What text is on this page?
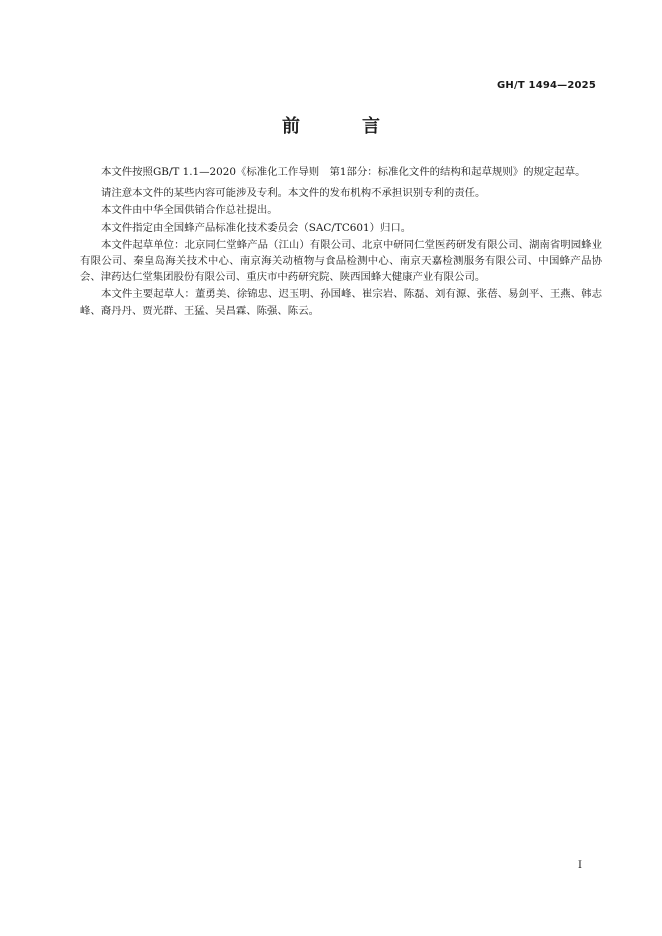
GH/T 1494—2025
前　言

本文件按照GB/T 1.1—2020《标准化工作导则　第1部分：标准化文件的结构和起草规则》的规定起草。

请注意本文件的某些内容可能涉及专利。本文件的发布机构不承担识别专利的责任。

本文件由中华全国供销合作总社提出。

本文件指定由全国蜂产品标准化技术委员会（SAC/TC601）归口。

本文件起草单位：北京同仁堂蜂产品（江山）有限公司、北京中研同仁堂医药研发有限公司、湖南省明园蜂业有限公司、秦皇岛海关技术中心、南京海关动植物与食品检测中心、南京天嘉检测服务有限公司、中国蜂产品协会、津药达仁堂集团股份有限公司、重庆市中药研究院、陕西国蜂大健康产业有限公司。

本文件主要起草人：董勇美、徐锦忠、迟玉明、孙国峰、崔宗岩、陈磊、刘有源、张蓓、易剑平、王燕、韩志峰、裔丹丹、贾光群、王猛、吴昌霖、陈强、陈云。

I
